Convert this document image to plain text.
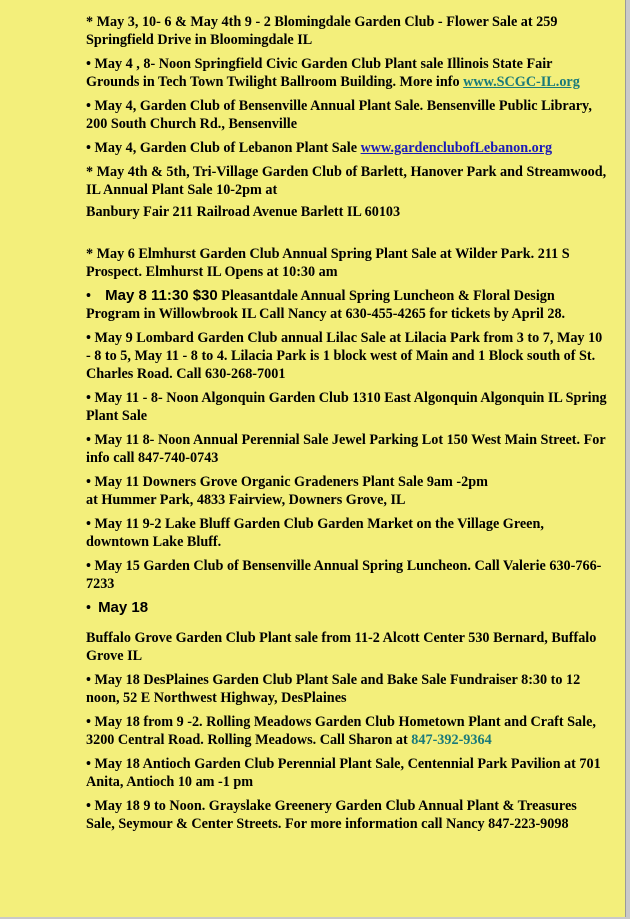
* May 3, 10- 6 & May 4th 9 - 2 Blomingdale Garden Club - Flower Sale at 259 Springfield Drive in Bloomingdale IL

• May 4 , 8- Noon Springfield Civic Garden Club Plant sale Illinois State Fair Grounds in Tech Town Twilight Ballroom Building. More info www.SCGC-IL.org

• May 4, Garden Club of Bensenville Annual Plant Sale. Bensenville Public Library, 200 South Church Rd., Bensenville

• May 4, Garden Club of Lebanon Plant Sale www.gardenclubofLebanon.org

* May 4th & 5th, Tri-Village Garden Club of Barlett, Hanover Park and Streamwood, IL Annual Plant Sale 10-2pm at

Banbury Fair 211 Railroad Avenue Barlett IL 60103

* May 6 Elmhurst Garden Club Annual Spring Plant Sale at Wilder Park. 211 S Prospect. Elmhurst IL Opens at 10:30 am

• May 8 11:30 $30 Pleasantdale Annual Spring Luncheon & Floral Design Program in Willowbrook IL Call Nancy at 630-455-4265 for tickets by April 28.

• May 9 Lombard Garden Club annual Lilac Sale at Lilacia Park from 3 to 7, May 10 - 8 to 5, May 11 - 8 to 4. Lilacia Park is 1 block west of Main and 1 Block south of St. Charles Road. Call 630-268-7001

• May 11 - 8- Noon Algonquin Garden Club 1310 East Algonquin Algonquin IL Spring Plant Sale

• May 11 8- Noon Annual Perennial Sale Jewel Parking Lot 150 West Main Street. For info call 847-740-0743

• May 11 Downers Grove Organic Gradeners Plant Sale 9am -2pm

at Hummer Park, 4833 Fairview, Downers Grove, IL

• May 11 9-2 Lake Bluff Garden Club Garden Market on the Village Green, downtown Lake Bluff.

• May 15 Garden Club of Bensenville Annual Spring Luncheon. Call Valerie 630-766-7233

•  May 18

Buffalo Grove Garden Club Plant sale from 11-2 Alcott Center 530 Bernard, Buffalo Grove IL

• May 18 DesPlaines Garden Club Plant Sale and Bake Sale Fundraiser 8:30 to 12 noon, 52 E Northwest Highway, DesPlaines

• May 18 from 9 -2. Rolling Meadows Garden Club Hometown Plant and Craft Sale, 3200 Central Road. Rolling Meadows. Call Sharon at 847-392-9364

• May 18 Antioch Garden Club Perennial Plant Sale, Centennial Park Pavilion at 701 Anita, Antioch 10 am -1 pm

• May 18 9 to Noon. Grayslake Greenery Garden Club Annual Plant & Treasures Sale, Seymour & Center Streets. For more information call Nancy 847-223-9098
